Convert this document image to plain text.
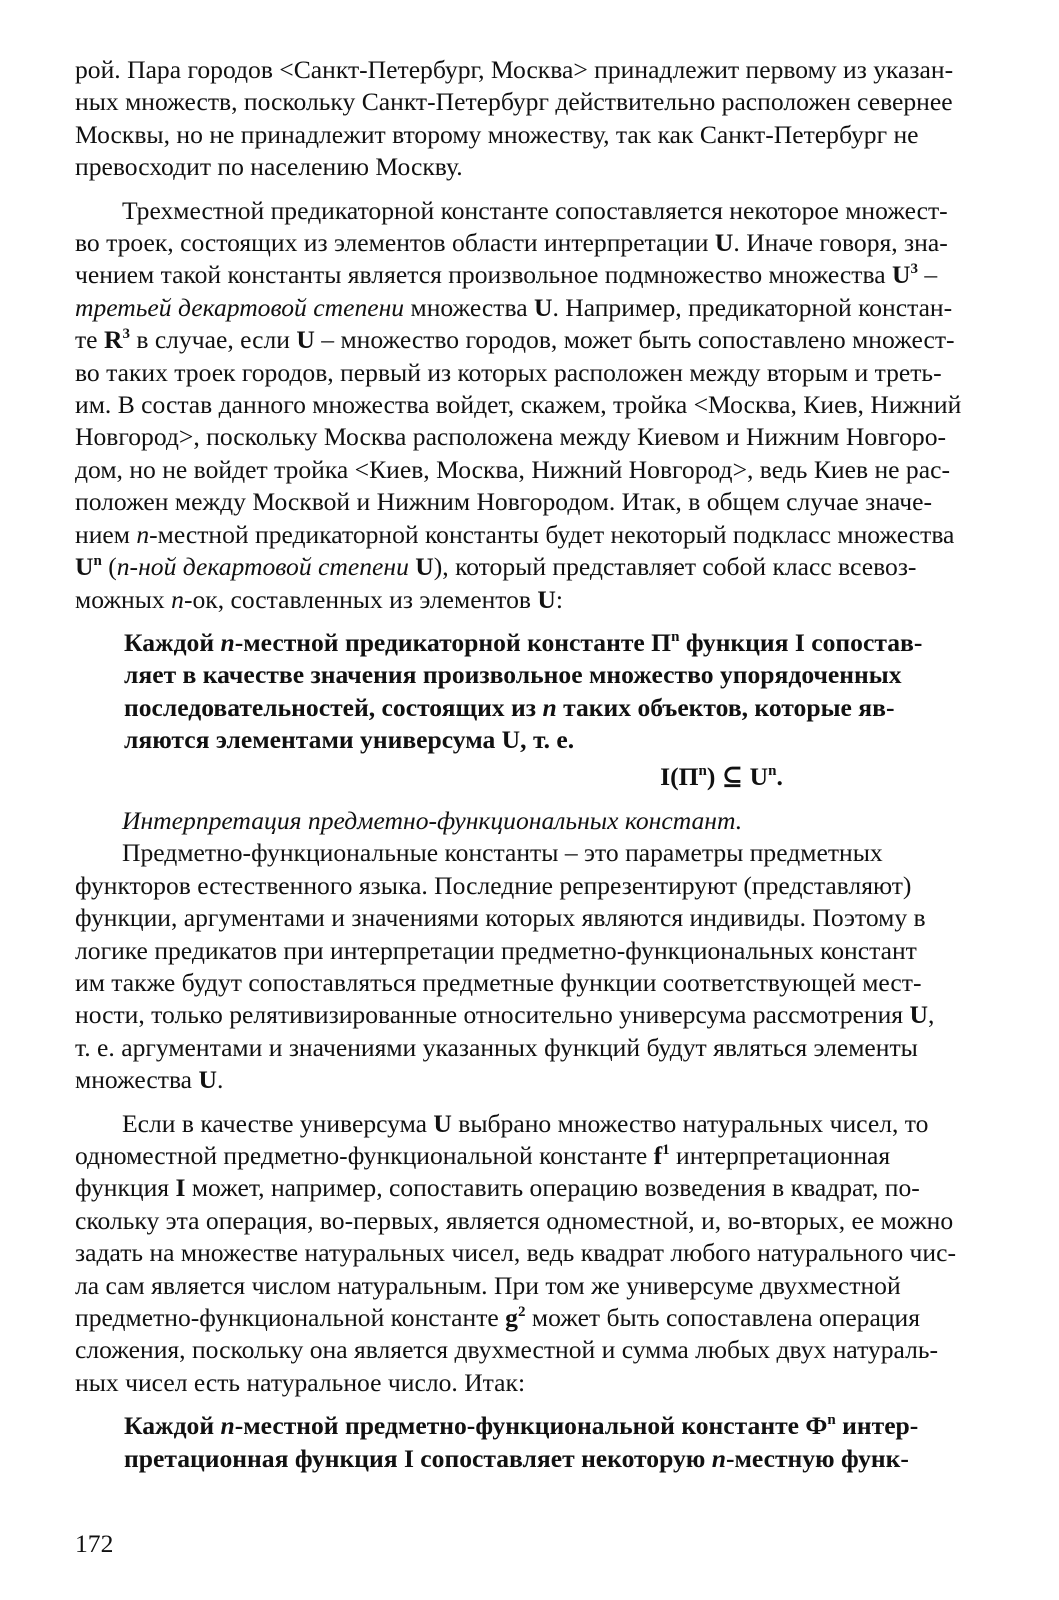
рой. Пара городов <Санкт-Петербург, Москва> принадлежит первому из указан-
ных множеств, поскольку Санкт-Петербург действительно расположен севернее
Москвы, но не принадлежит второму множеству, так как Санкт-Петербург не
превосходит по населению Москву.
Трехместной предикаторной константе сопоставляется некоторое множест-
во троек, состоящих из элементов области интерпретации U. Иначе говоря, зна-
чением такой константы является произвольное подмножество множества $U^3$ –
третьей декартовой степени множества U. Например, предикаторной констан-
те $R^3$ в случае, если U – множество городов, может быть сопоставлено множест-
во таких троек городов, первый из которых расположен между вторым и треть-
им. В состав данного множества войдет, скажем, тройка <Москва, Киев, Нижний
Новгород>, поскольку Москва расположена между Киевом и Нижним Новгоро-
дом, но не войдет тройка <Киев, Москва, Нижний Новгород>, ведь Киев не рас-
положен между Москвой и Нижним Новгородом. Итак, в общем случае значе-
нием n-местной предикаторной константы будет некоторый подкласс множества
$U^n$ (n-ной декартовой степени U), который представляет собой класс всевоз-
можных n-ок, составленных из элементов U:
Каждой n-местной предикаторной константе $П^n$ функция I сопостав-
ляет в качестве значения произвольное множество упорядоченных
последовательностей, состоящих из n таких объектов, которые яв-
ляются элементами универсума U, т. е.
$I(П^n)$ ⊆ $U^n$.
Интерпретация предметно-функциональных констант.
Предметно-функциональные константы – это параметры предметных
функторов естественного языка. Последние репрезентируют (представляют)
функции, аргументами и значениями которых являются индивиды. Поэтому в
логике предикатов при интерпретации предметно-функциональных констант
им также будут сопоставляться предметные функции соответствующей мест-
ности, только релятивизированные относительно универсума рассмотрения U,
т. е. аргументами и значениями указанных функций будут являться элементы
множества U.
Если в качестве универсума U выбрано множество натуральных чисел, то
одноместной предметно-функциональной константе $f^1$ интерпретационная
функция I может, например, сопоставить операцию возведения в квадрат, по-
скольку эта операция, во-первых, является одноместной, и, во-вторых, ее можно
задать на множестве натуральных чисел, ведь квадрат любого натурального чис-
ла сам является числом натуральным. При том же универсуме двухместной
предметно-функциональной константе $g^2$ может быть сопоставлена операция
сложения, поскольку она является двухместной и сумма любых двух натураль-
ных чисел есть натуральное число. Итак:
Каждой n-местной предметно-функциональной константе $Ф^n$ интер-
претационная функция I сопоставляет некоторую n-местную функ-
172
